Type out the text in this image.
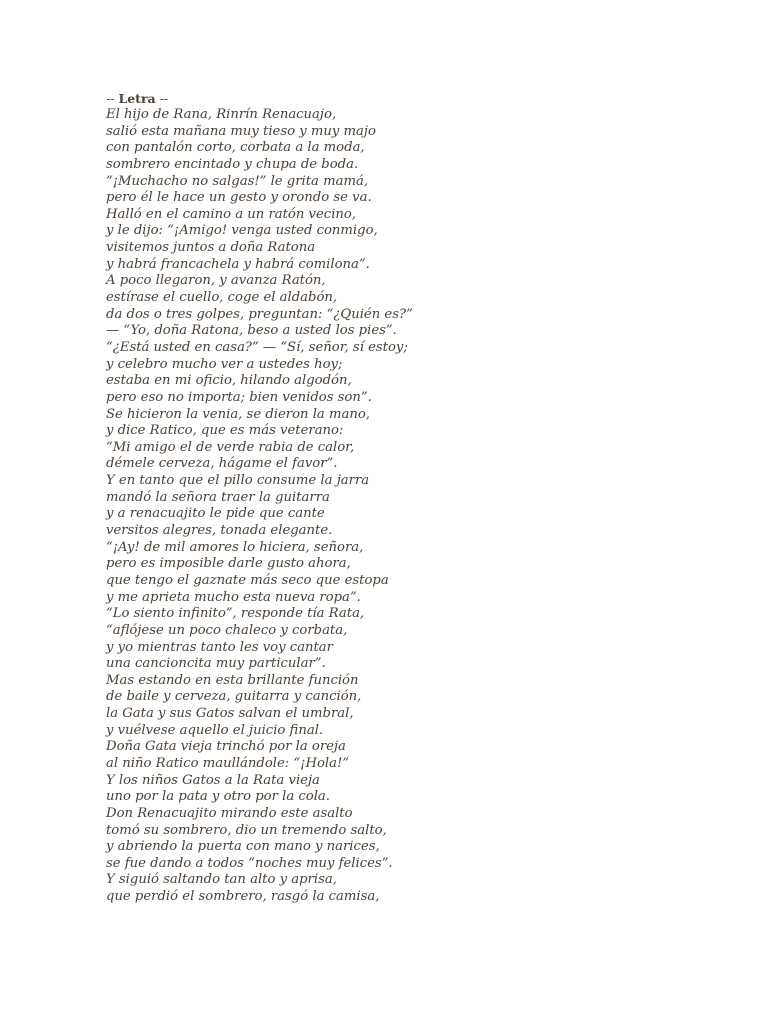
-- Letra --
El hijo de Rana, Rinrín Renacuajo,
salió esta mañana muy tieso y muy majo
con pantalón corto, corbata a la moda,
sombrero encintado y chupa de boda.
“¡Muchacho no salgas!” le grita mamá,
pero él le hace un gesto y orondo se va.
Halló en el camino a un ratón vecino,
y le dijo: “¡Amigo! venga usted conmigo,
visitemos juntos a doña Ratona
y habrá francachela y habrá comilona”.
A poco llegaron, y avanza Ratón,
estírase el cuello, coge el aldabón,
da dos o tres golpes, preguntan: “¿Quién es?”
— “Yo, doña Ratona, beso a usted los pies”.
“¿Está usted en casa?” — “Sí, señor, sí estoy;
y celebro mucho ver a ustedes hoy;
estaba en mi oficio, hilando algodón,
pero eso no importa; bien venidos son”.
Se hicieron la venia, se dieron la mano,
y dice Ratico, que es más veterano:
“Mi amigo el de verde rabia de calor,
démele cerveza, hágame el favor”.
Y en tanto que el pillo consume la jarra
mandó la señora traer la guitarra
y a renacuajito le pide que cante
versitos alegres, tonada elegante.
“¡Ay! de mil amores lo hiciera, señora,
pero es imposible darle gusto ahora,
que tengo el gaznate más seco que estopa
y me aprieta mucho esta nueva ropa”.
“Lo siento infinito”, responde tía Rata,
“aflójese un poco chaleco y corbata,
y yo mientras tanto les voy cantar
una cancioncita muy particular”.
Mas estando en esta brillante función
de baile y cerveza, guitarra y canción,
la Gata y sus Gatos salvan el umbral,
y vuélvese aquello el juicio final.
Doña Gata vieja trinchó por la oreja
al niño Ratico maullándole: “¡Hola!”
Y los niños Gatos a la Rata vieja
uno por la pata y otro por la cola.
Don Renacuajito mirando este asalto
tomó su sombrero, dio un tremendo salto,
y abriendo la puerta con mano y narices,
se fue dando a todos “noches muy felices”.
Y siguió saltando tan alto y aprisa,
que perdió el sombrero, rasgó la camisa,
